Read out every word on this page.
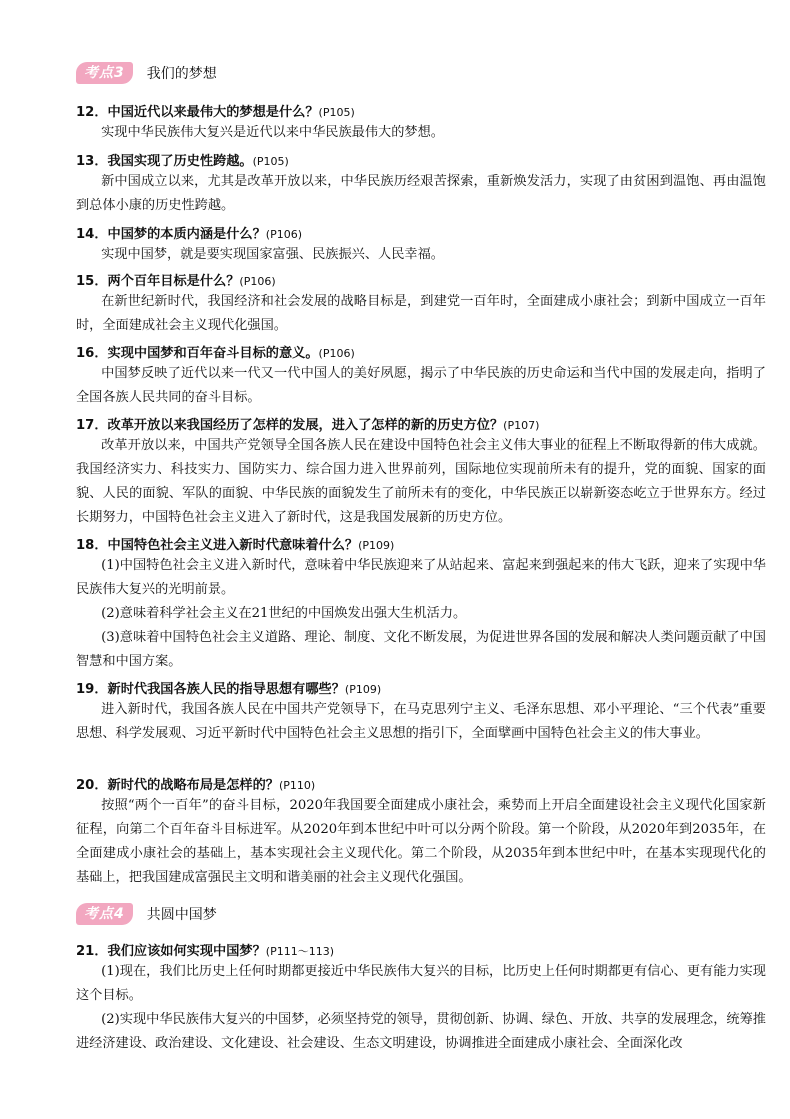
考点3	我们的梦想
12．中国近代以来最伟大的梦想是什么？(P105)
实现中华民族伟大复兴是近代以来中华民族最伟大的梦想。
13．我国实现了历史性跨越。(P105)
新中国成立以来，尤其是改革开放以来，中华民族历经艰苦探索，重新焕发活力，实现了由贫困到温饱、再由温饱到总体小康的历史性跨越。
14．中国梦的本质内涵是什么？(P106)
实现中国梦，就是要实现国家富强、民族振兴、人民幸福。
15．两个百年目标是什么？(P106)
在新世纪新时代，我国经济和社会发展的战略目标是，到建党一百年时，全面建成小康社会；到新中国成立一百年时，全面建成社会主义现代化强国。
16．实现中国梦和百年奋斗目标的意义。(P106)
中国梦反映了近代以来一代又一代中国人的美好夙愿，揭示了中华民族的历史命运和当代中国的发展走向，指明了全国各族人民共同的奋斗目标。
17．改革开放以来我国经历了怎样的发展，进入了怎样的新的历史方位？(P107)
改革开放以来，中国共产党领导全国各族人民在建设中国特色社会主义伟大事业的征程上不断取得新的伟大成就。我国经济实力、科技实力、国防实力、综合国力进入世界前列，国际地位实现前所未有的提升，党的面貌、国家的面貌、人民的面貌、军队的面貌、中华民族的面貌发生了前所未有的变化，中华民族正以崭新姿态屹立于世界东方。经过长期努力，中国特色社会主义进入了新时代，这是我国发展新的历史方位。
18．中国特色社会主义进入新时代意味着什么？(P109)
(1)中国特色社会主义进入新时代，意味着中华民族迎来了从站起来、富起来到强起来的伟大飞跃，迎来了实现中华民族伟大复兴的光明前景。
(2)意味着科学社会主义在21世纪的中国焕发出强大生机活力。
(3)意味着中国特色社会主义道路、理论、制度、文化不断发展，为促进世界各国的发展和解决人类问题贡献了中国智慧和中国方案。
19．新时代我国各族人民的指导思想有哪些？(P109)
进入新时代，我国各族人民在中国共产党领导下，在马克思列宁主义、毛泽东思想、邓小平理论、“三个代表”重要思想、科学发展观、习近平新时代中国特色社会主义思想的指引下，全面擘画中国特色社会主义的伟大事业。
20．新时代的战略布局是怎样的？(P110)
按照“两个一百年”的奋斗目标，2020年我国要全面建成小康社会，乘势而上开启全面建设社会主义现代化国家新征程，向第二个百年奋斗目标进军。从2020年到本世纪中叶可以分两个阶段。第一个阶段，从2020年到2035年，在全面建成小康社会的基础上，基本实现社会主义现代化。第二个阶段，从2035年到本世纪中叶，在基本实现现代化的基础上，把我国建成富强民主文明和谐美丽的社会主义现代化强国。
考点4	共圆中国梦
21．我们应该如何实现中国梦？(P111～113)
(1)现在，我们比历史上任何时期都更接近中华民族伟大复兴的目标，比历史上任何时期都更有信心、更有能力实现这个目标。
(2)实现中华民族伟大复兴的中国梦，必须坚持党的领导，贯彻创新、协调、绿色、开放、共享的发展理念，统筹推进经济建设、政治建设、文化建设、社会建设、生态文明建设，协调推进全面建成小康社会、全面深化改
